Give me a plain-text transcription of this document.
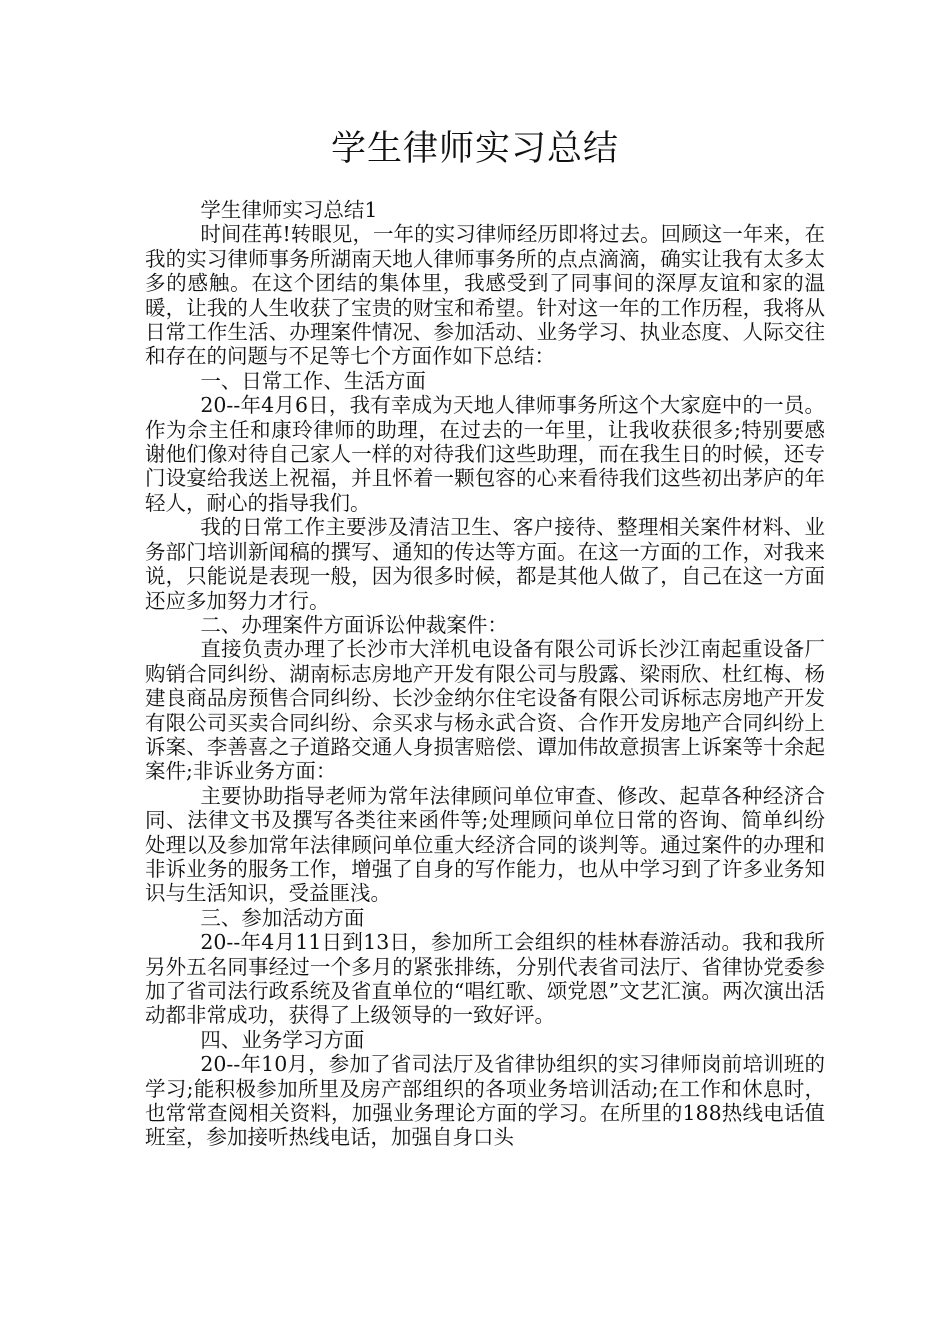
学生律师实习总结

学生律师实习总结1

时间荏苒!转眼见，一年的实习律师经历即将过去。回顾这一年来，在我的实习律师事务所湖南天地人律师事务所的点点滴滴，确实让我有太多太多的感触。在这个团结的集体里，我感受到了同事间的深厚友谊和家的温暖，让我的人生收获了宝贵的财宝和希望。针对这一年的工作历程，我将从日常工作生活、办理案件情况、参加活动、业务学习、执业态度、人际交往和存在的问题与不足等七个方面作如下总结：

一、日常工作、生活方面

20--年4月6日，我有幸成为天地人律师事务所这个大家庭中的一员。作为佘主任和康玲律师的助理，在过去的一年里，让我收获很多;特别要感谢他们像对待自己家人一样的对待我们这些助理，而在我生日的时候，还专门设宴给我送上祝福，并且怀着一颗包容的心来看待我们这些初出茅庐的年轻人，耐心的指导我们。

我的日常工作主要涉及清洁卫生、客户接待、整理相关案件材料、业务部门培训新闻稿的撰写、通知的传达等方面。在这一方面的工作，对我来说，只能说是表现一般，因为很多时候，都是其他人做了，自己在这一方面还应多加努力才行。

二、办理案件方面诉讼仲裁案件：

直接负责办理了长沙市大洋机电设备有限公司诉长沙江南起重设备厂购销合同纠纷、湖南标志房地产开发有限公司与殷露、梁雨欣、杜红梅、杨建良商品房预售合同纠纷、长沙金纳尔住宅设备有限公司诉标志房地产开发有限公司买卖合同纠纷、佘买求与杨永武合资、合作开发房地产合同纠纷上诉案、李善喜之子道路交通人身损害赔偿、谭加伟故意损害上诉案等十余起案件;非诉业务方面：

主要协助指导老师为常年法律顾问单位审查、修改、起草各种经济合同、法律文书及撰写各类往来函件等;处理顾问单位日常的咨询、简单纠纷处理以及参加常年法律顾问单位重大经济合同的谈判等。通过案件的办理和非诉业务的服务工作，增强了自身的写作能力，也从中学习到了许多业务知识与生活知识，受益匪浅。

三、参加活动方面

20--年4月11日到13日，参加所工会组织的桂林春游活动。我和我所另外五名同事经过一个多月的紧张排练，分别代表省司法厅、省律协党委参加了省司法行政系统及省直单位的“唱红歌、颂党恩”文艺汇演。两次演出活动都非常成功，获得了上级领导的一致好评。

四、业务学习方面

20--年10月，参加了省司法厅及省律协组织的实习律师岗前培训班的学习;能积极参加所里及房产部组织的各项业务培训活动;在工作和休息时，也常常查阅相关资料，加强业务理论方面的学习。在所里的188热线电话值班室，参加接听热线电话，加强自身口头
